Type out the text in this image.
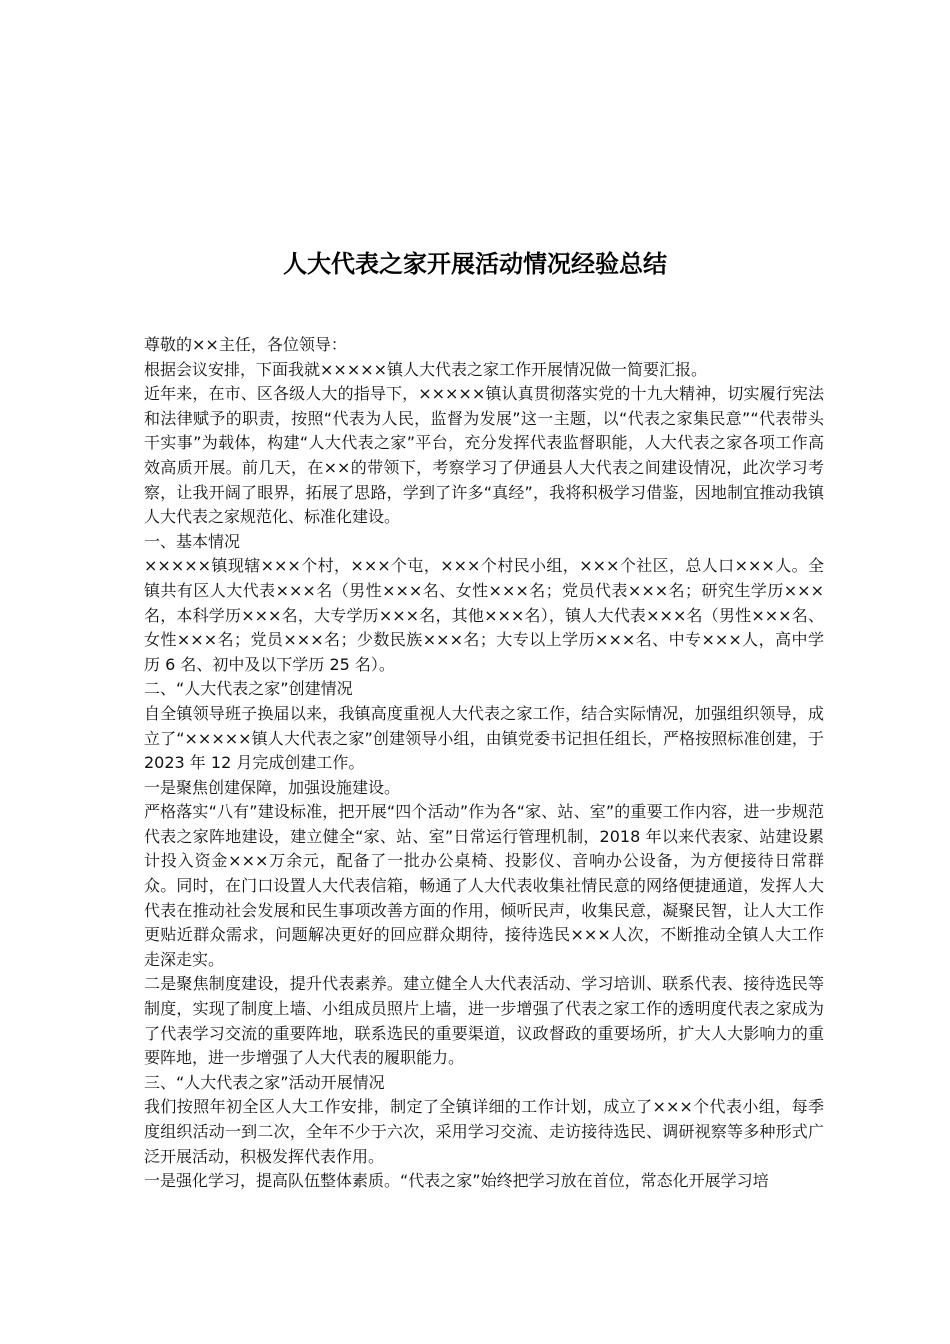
人大代表之家开展活动情况经验总结

尊敬的××主任，各位领导：

根据会议安排，下面我就×××××镇人大代表之家工作开展情况做一简要汇报。

近年来，在市、区各级人大的指导下，×××××镇认真贯彻落实党的十九大精神，切实履行宪法和法律赋予的职责，按照“代表为人民，监督为发展”这一主题，以“代表之家集民意”“代表带头干实事”为载体，构建“人大代表之家”平台，充分发挥代表监督职能，人大代表之家各项工作高效高质开展。前几天，在××的带领下，考察学习了伊通县人大代表之间建设情况，此次学习考察，让我开阔了眼界，拓展了思路，学到了许多“真经”，我将积极学习借鉴，因地制宜推动我镇人大代表之家规范化、标准化建设。

一、基本情况

×××××镇现辖×××个村，×××个屯，×××个村民小组，×××个社区，总人口×××人。全镇共有区人大代表×××名（男性×××名、女性×××名；党员代表×××名；研究生学历×××名，本科学历×××名，大专学历×××名，其他×××名），镇人大代表×××名（男性×××名、女性×××名；党员×××名；少数民族×××名；大专以上学历×××名、中专×××人，高中学历 6 名、初中及以下学历 25 名）。

二、“人大代表之家”创建情况

自全镇领导班子换届以来，我镇高度重视人大代表之家工作，结合实际情况，加强组织领导，成立了“×××××镇人大代表之家”创建领导小组，由镇党委书记担任组长，严格按照标准创建，于 2023 年 12 月完成创建工作。

一是聚焦创建保障，加强设施建设。

严格落实“八有”建设标准，把开展“四个活动”作为各“家、站、室”的重要工作内容，进一步规范代表之家阵地建设，建立健全“家、站、室”日常运行管理机制，2018 年以来代表家、站建设累计投入资金×××万余元，配备了一批办公桌椅、投影仪、音响办公设备，为方便接待日常群众。同时，在门口设置人大代表信箱，畅通了人大代表收集社情民意的网络便捷通道，发挥人大代表在推动社会发展和民生事项改善方面的作用，倾听民声，收集民意，凝聚民智，让人大工作更贴近群众需求，问题解决更好的回应群众期待，接待选民×××人次，不断推动全镇人大工作走深走实。

二是聚焦制度建设，提升代表素养。建立健全人大代表活动、学习培训、联系代表、接待选民等制度，实现了制度上墙、小组成员照片上墙，进一步增强了代表之家工作的透明度代表之家成为了代表学习交流的重要阵地，联系选民的重要渠道，议政督政的重要场所，扩大人大影响力的重要阵地，进一步增强了人大代表的履职能力。

三、“人大代表之家”活动开展情况

我们按照年初全区人大工作安排，制定了全镇详细的工作计划，成立了×××个代表小组，每季度组织活动一到二次，全年不少于六次，采用学习交流、走访接待选民、调研视察等多种形式广泛开展活动，积极发挥代表作用。

一是强化学习，提高队伍整体素质。“代表之家”始终把学习放在首位，常态化开展学习培
